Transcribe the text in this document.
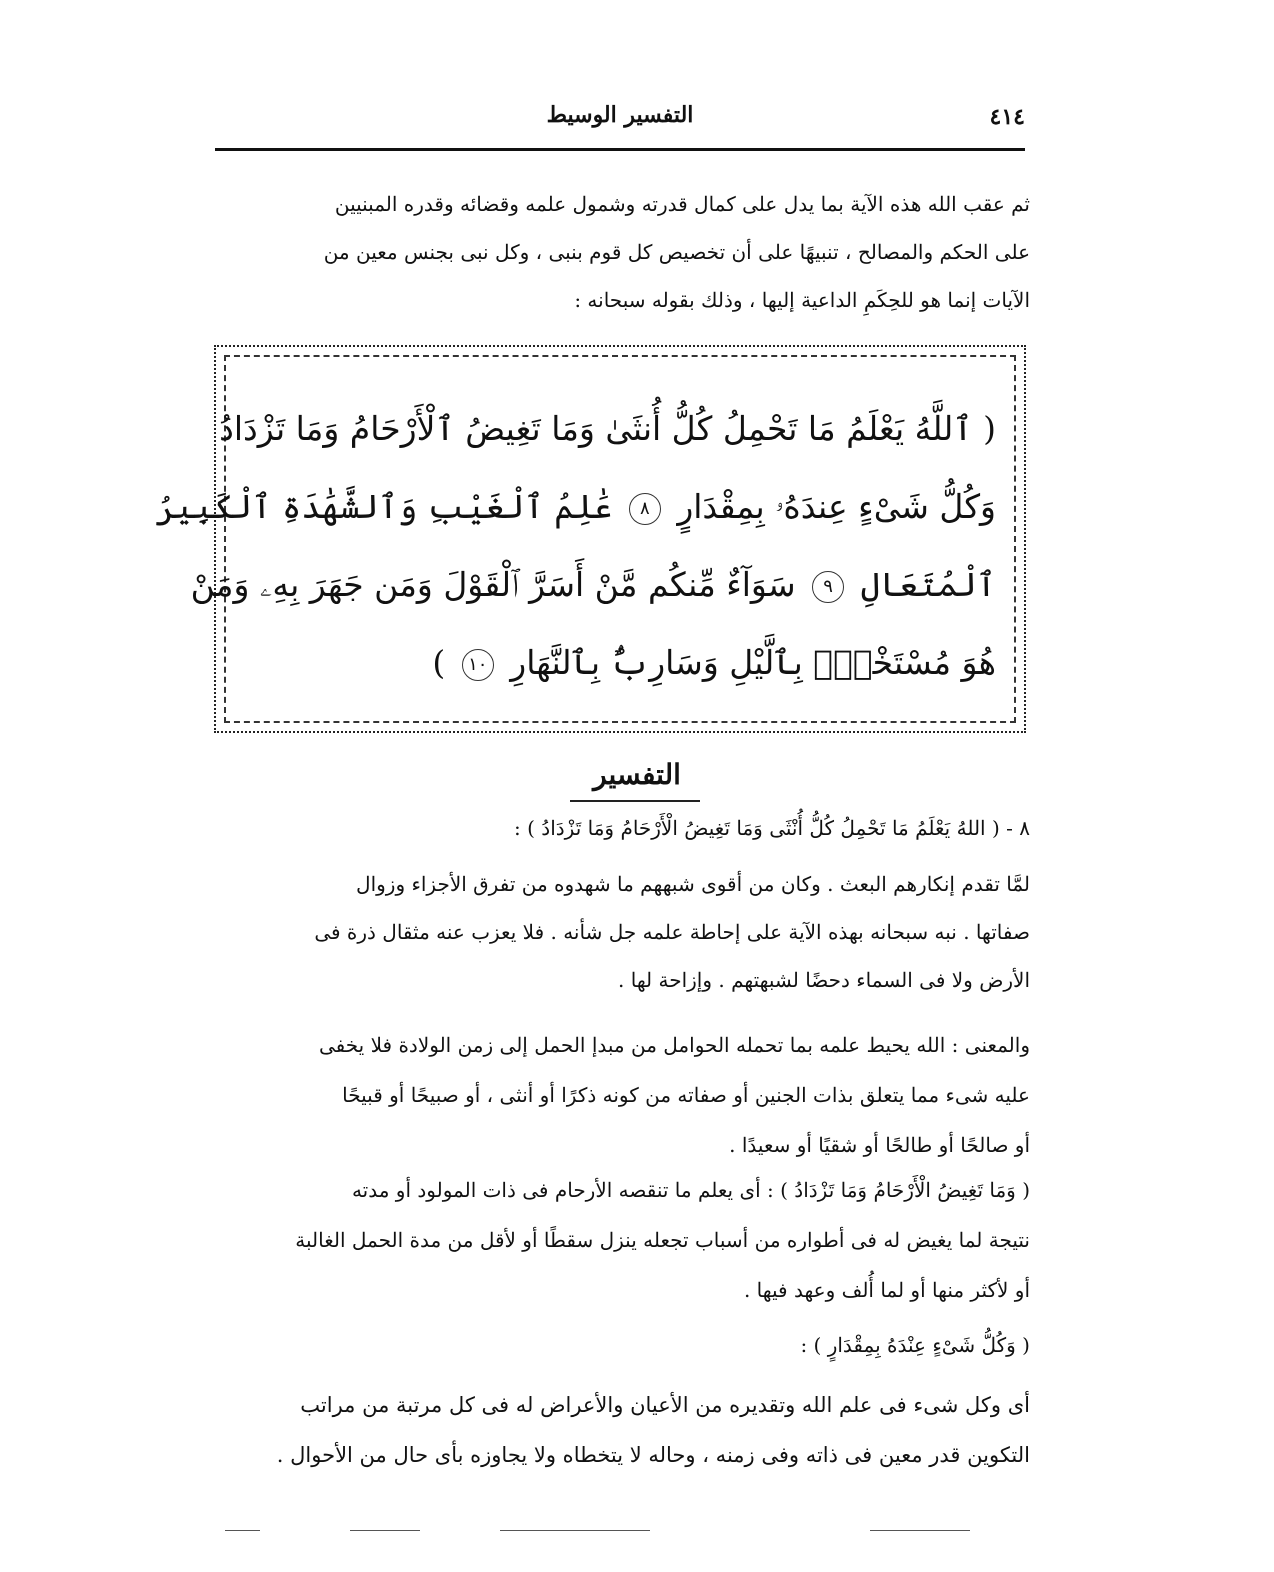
التفسير الوسيط	٤١٤
ثم عقب الله هذه الآية بما يدل على كمال قدرته وشمول علمه وقضائه وقدره المبنيين
على الحكم والمصالح ، تنبيهًا على أن تخصيص كل قوم بنبى ، وكل نبى بجنس معين من
الآيات إنما هو للحِكَمِ الداعية إليها ، وذلك بقوله سبحانه :
( ٱللَّهُ يَعْلَمُ مَا تَحْمِلُ كُلُّ أُنثَىٰ وَمَا تَغِيضُ ٱلْأَرْحَامُ وَمَا تَزْدَادُ
وَكُلُّ شَىْءٍ عِندَهُۥ بِمِقْدَارٍ ٨ عَٰلِمُ ٱلْغَيْبِ وَٱلشَّهَٰدَةِ ٱلْكَبِيرُ
ٱلْمُتَعَالِ ٩ سَوَآءٌ مِّنكُم مَّنْ أَسَرَّ ٱلْقَوْلَ وَمَن جَهَرَ بِهِۦ وَمَنْ
هُوَ مُسْتَخْفٍۭ بِٱلَّيْلِ وَسَارِبٌۢ بِٱلنَّهَارِ ١٠ )
التفسير
٨ - ( اللهُ يَعْلَمُ مَا تَحْمِلُ كُلُّ أُنْثَى وَمَا تَغِيضُ الْأَرْحَامُ وَمَا تَزْدَادُ ) :
لمَّا تقدم إنكارهم البعث . وكان من أقوى شبههم ما شهدوه من تفرق الأجزاء وزوال
صفاتها . نبه سبحانه بهذه الآية على إحاطة علمه جل شأنه . فلا يعزب عنه مثقال ذرة فى
الأرض ولا فى السماء دحضًا لشبهتهم . وإزاحة لها .
والمعنى : الله يحيط علمه بما تحمله الحوامل من مبدإ الحمل إلى زمن الولادة فلا يخفى
عليه شىء مما يتعلق بذات الجنين أو صفاته من كونه ذكرًا أو أنثى ، أو صبيحًا أو قبيحًا
أو صالحًا أو طالحًا أو شقيًا أو سعيدًا .
( وَمَا تَغِيضُ الْأَرْحَامُ وَمَا تَزْدَادُ ) : أى يعلم ما تنقصه الأرحام فى ذات المولود أو مدته
نتيجة لما يغيض له فى أطواره من أسباب تجعله ينزل سقطًا أو لأقل من مدة الحمل الغالبة
أو لأكثر منها أو لما أُلف وعهد فيها .
( وَكُلُّ شَىْءٍ عِنْدَهُ بِمِقْدَارٍ ) :
أى وكل شىء فى علم الله وتقديره من الأعيان والأعراض له فى كل مرتبة من مراتب
التكوين قدر معين فى ذاته وفى زمنه ، وحاله لا يتخطاه ولا يجاوزه بأى حال من الأحوال .
